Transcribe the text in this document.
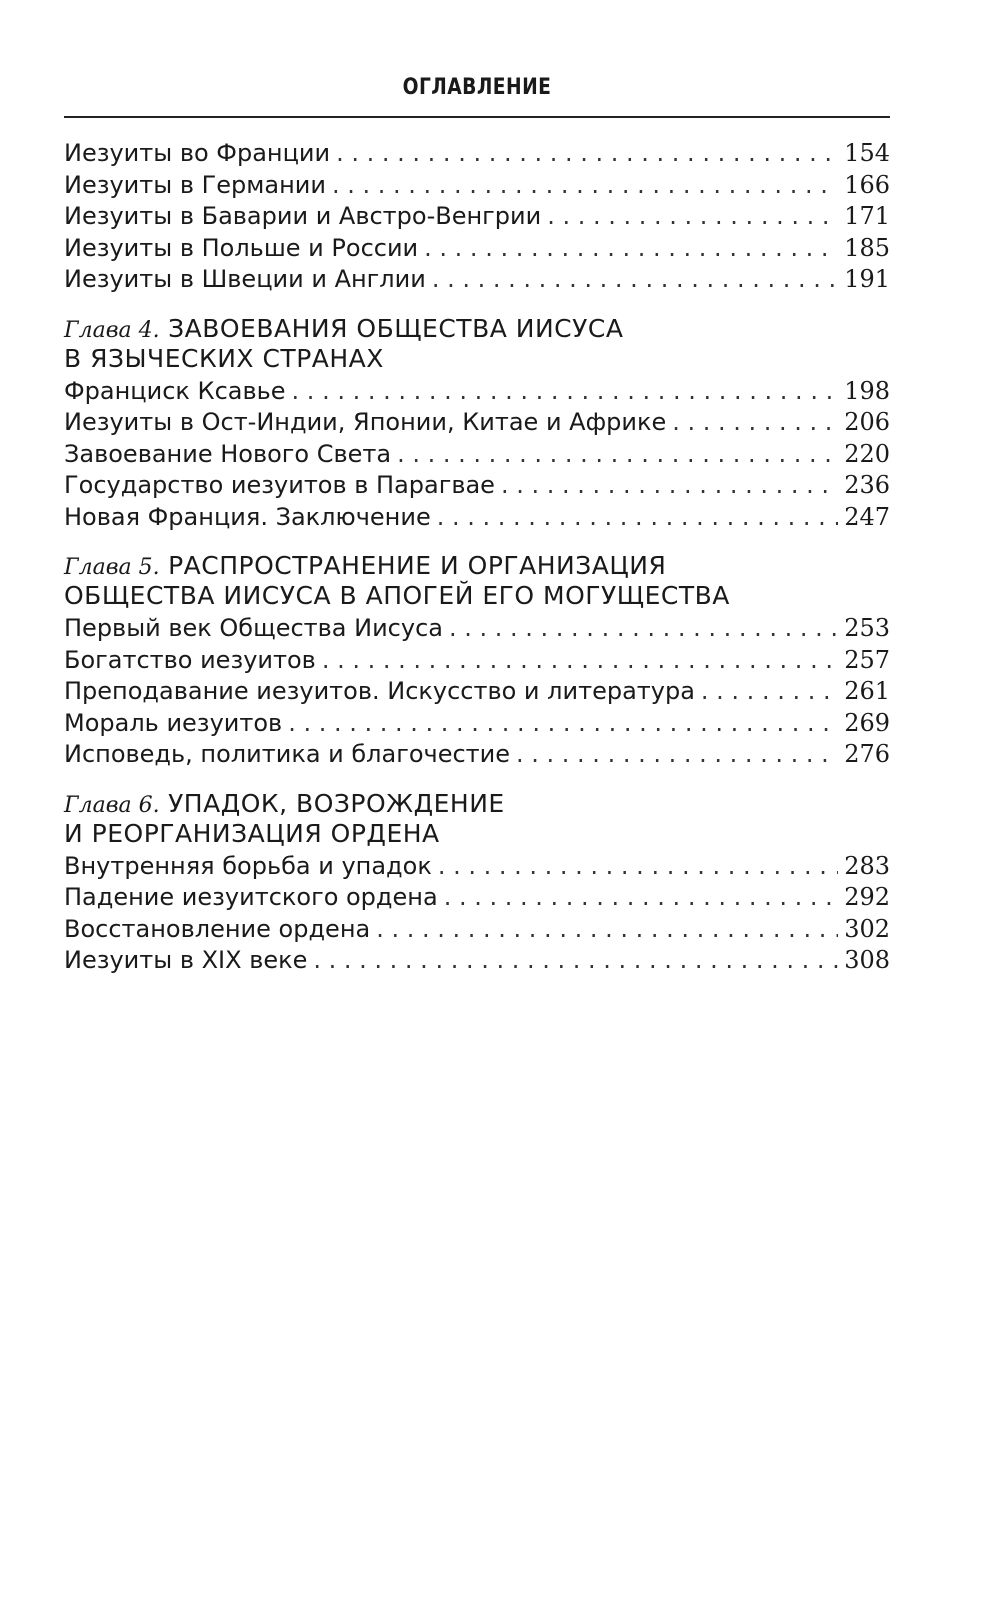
ОГЛАВЛЕНИЕ
Иезуиты во Франции . . .	154
Иезуиты в Германии . . .	166
Иезуиты в Баварии и Австро-Венгрии . . .	171
Иезуиты в Польше и России . . .	185
Иезуиты в Швеции и Англии . . .	191
Глава 4. ЗАВОЕВАНИЯ ОБЩЕСТВА ИИСУСА
В ЯЗЫЧЕСКИХ СТРАНАХ
Франциск Ксавье . . .	198
Иезуиты в Ост-Индии, Японии, Китае и Африке . . .	206
Завоевание Нового Света . . .	220
Государство иезуитов в Парагвае . . .	236
Новая Франция. Заключение . . .	247
Глава 5. РАСПРОСТРАНЕНИЕ И ОРГАНИЗАЦИЯ
ОБЩЕСТВА ИИСУСА В АПОГЕЙ ЕГО МОГУЩЕСТВА
Первый век Общества Иисуса . . .	253
Богатство иезуитов . . .	257
Преподавание иезуитов. Искусство и литература . . .	261
Мораль иезуитов . . .	269
Исповедь, политика и благочестие . . .	276
Глава 6. УПАДОК, ВОЗРОЖДЕНИЕ
И РЕОРГАНИЗАЦИЯ ОРДЕНА
Внутренняя борьба и упадок . . .	283
Падение иезуитского ордена . . .	292
Восстановление ордена . . .	302
Иезуиты в XIX веке . . .	308
